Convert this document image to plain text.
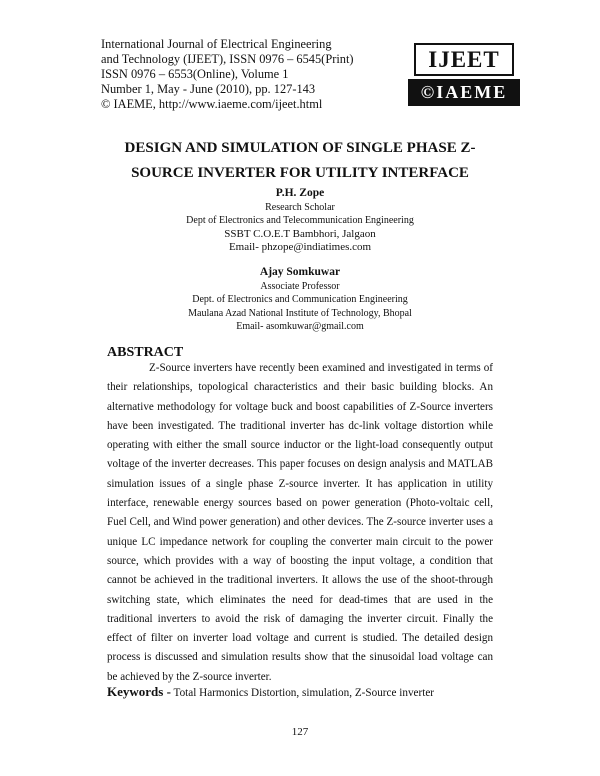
International Journal of Electrical Engineering
and Technology (IJEET), ISSN 0976 – 6545(Print)
ISSN 0976 – 6553(Online), Volume 1
Number 1, May - June (2010), pp. 127-143
© IAEME, http://www.iaeme.com/ijeet.html
IJEET
©IAEME
DESIGN AND SIMULATION OF SINGLE PHASE Z-
SOURCE INVERTER FOR UTILITY INTERFACE
P.H. Zope
Research Scholar
Dept of Electronics and Telecommunication Engineering
SSBT C.O.E.T Bambhori, Jalgaon
Email- phzope@indiatimes.com
Ajay Somkuwar
Associate Professor
Dept. of Electronics and Communication Engineering
Maulana Azad National Institute of Technology, Bhopal
Email- asomkuwar@gmail.com
ABSTRACT

Z-Source inverters have recently been examined and investigated in terms of their relationships, topological characteristics and their basic building blocks. An alternative methodology for voltage buck and boost capabilities of Z-Source inverters have been investigated. The traditional inverter has dc-link voltage distortion while operating with either the small source inductor or the light-load consequently output voltage of the inverter decreases. This paper focuses on design analysis and MATLAB simulation issues of a single phase Z-source inverter. It has application in utility interface, renewable energy sources based on power generation (Photo-voltaic cell, Fuel Cell, and Wind power generation) and other devices. The Z-source inverter uses a unique LC impedance network for coupling the converter main circuit to the power source, which provides with a way of boosting the input voltage, a condition that cannot be achieved in the traditional inverters. It allows the use of the shoot-through switching state, which eliminates the need for dead-times that are used in the traditional inverters to avoid the risk of damaging the inverter circuit. Finally the effect of filter on inverter load voltage and current is studied. The detailed design process is discussed and simulation results show that the sinusoidal load voltage can be achieved by the Z-source inverter.

Keywords - Total Harmonics Distortion, simulation, Z-Source inverter
127
